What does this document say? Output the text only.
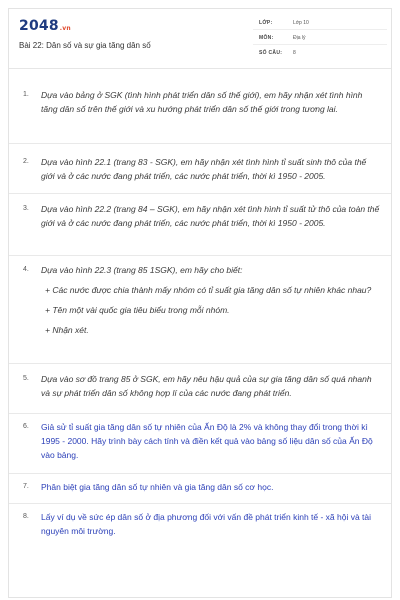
2048.vn
Bài 22: Dân số và sự gia tăng dân số
LỚP:	Lớp 10
MÔN:	Địa lý
SỐ CÂU: 8
1. Dựa vào bảng ở SGK (tình hình phát triển dân số thế giới), em hãy nhận xét tình hình tăng dân số trên thế giới và xu hướng phát triển dân số thế giới trong tương lai.

2. Dựa vào hình 22.1 (trang 83 - SGK), em hãy nhận xét tình hình tỉ suất sinh thô của thế giới và ở các nước đang phát triển, các nước phát triển, thời kì 1950 - 2005.

3. Dựa vào hình 22.2 (trang 84 – SGK), em hãy nhận xét tình hình tỉ suất tử thô của toàn thế giới và ở các nước đang phát triển, các nước phát triển, thời kì 1950 - 2005.

4. Dựa vào hình 22.3 (trang 85 1SGK), em hãy cho biết:

+ Các nước được chia thành mấy nhóm có tỉ suất gia tăng dân số tự nhiên khác nhau?

+ Tên một vài quốc gia tiêu biểu trong mỗi nhóm.

+ Nhận xét.

5. Dựa vào sơ đồ trang 85 ở SGK, em hãy nêu hậu quả của sự gia tăng dân số quá nhanh và sự phát triển dân số không hợp lí của các nước đang phát triển.

6. Giả sử tỉ suất gia tăng dân số tự nhiên của Ấn Độ là 2% và không thay đổi trong thời kì 1995 - 2000. Hãy trình bày cách tính và điền kết quả vào bảng số liệu dân số của Ấn Độ vào bảng.

7. Phân biệt gia tăng dân số tự nhiên và gia tăng dân số cơ học.

8. Lấy ví dụ về sức ép dân số ở địa phương đối với vấn đề phát triển kinh tế - xã hội và tài nguyên môi trường.
